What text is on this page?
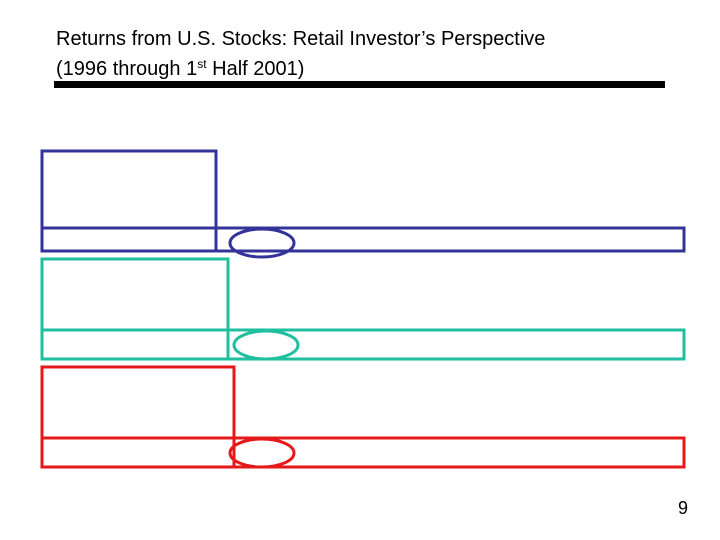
Returns from U.S. Stocks: Retail Investor’s Perspective
(1996 through 1st Half 2001)
9
